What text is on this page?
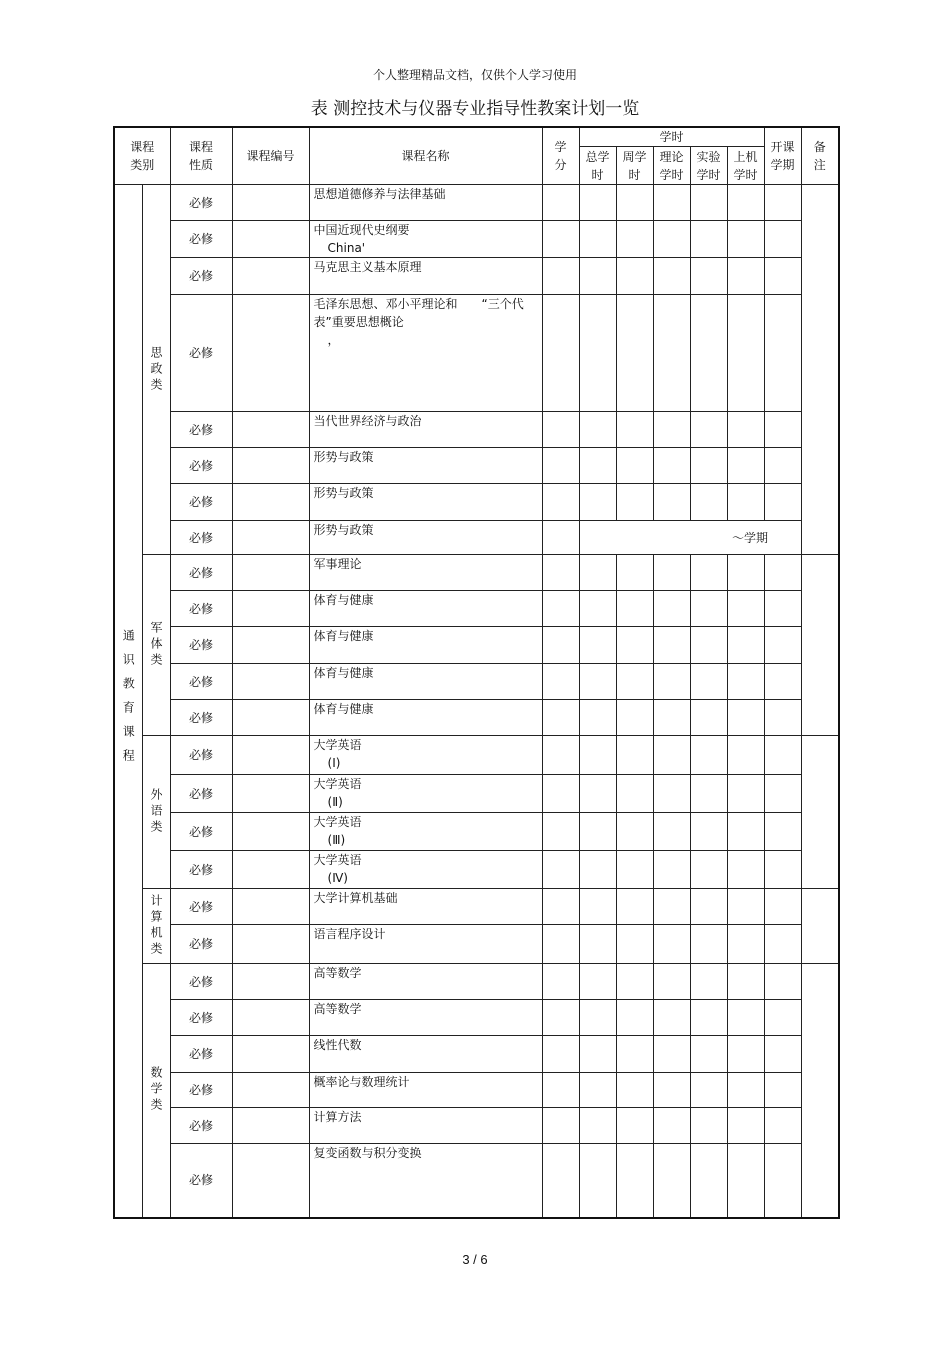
个人整理精品文档，仅供个人学习使用
表 测控技术与仪器专业指导性教案计划一览
课程类别		课程性质	课程编号	课程名称	学分	学时					开课学期	备注
						总学时	周学时	理论学时	实验学时	上机学时		

通识教育课程	思政类	必修		思想道德修养与法律基础								
		必修		中国近现代史纲要
China'								

		必修		马克思主义基本原理								
		必修		毛泽东思想、邓小平理论和　　“三个代表”重要思想概论
，								

		必修		当代世界经济与政治								
		必修		形势与政策								
		必修		形势与政策								
		必修		形势与政策		～学期						

	军体类	必修		军事理论								
		必修		体育与健康								
		必修		体育与健康								
		必修		体育与健康								
		必修		体育与健康								

	外语类	必修		大学英语
(Ⅰ)								

		必修		大学英语
(Ⅱ)								

		必修		大学英语
(Ⅲ)								

		必修		大学英语
(Ⅳ)								

	计算机类	必修		大学计算机基础								
		必修		语言程序设计								

	数学类	必修		高等数学								
		必修		高等数学								
		必修		线性代数								
		必修		概率论与数理统计								
		必修		计算方法								
		必修		复变函数与积分变换								
3 / 6
